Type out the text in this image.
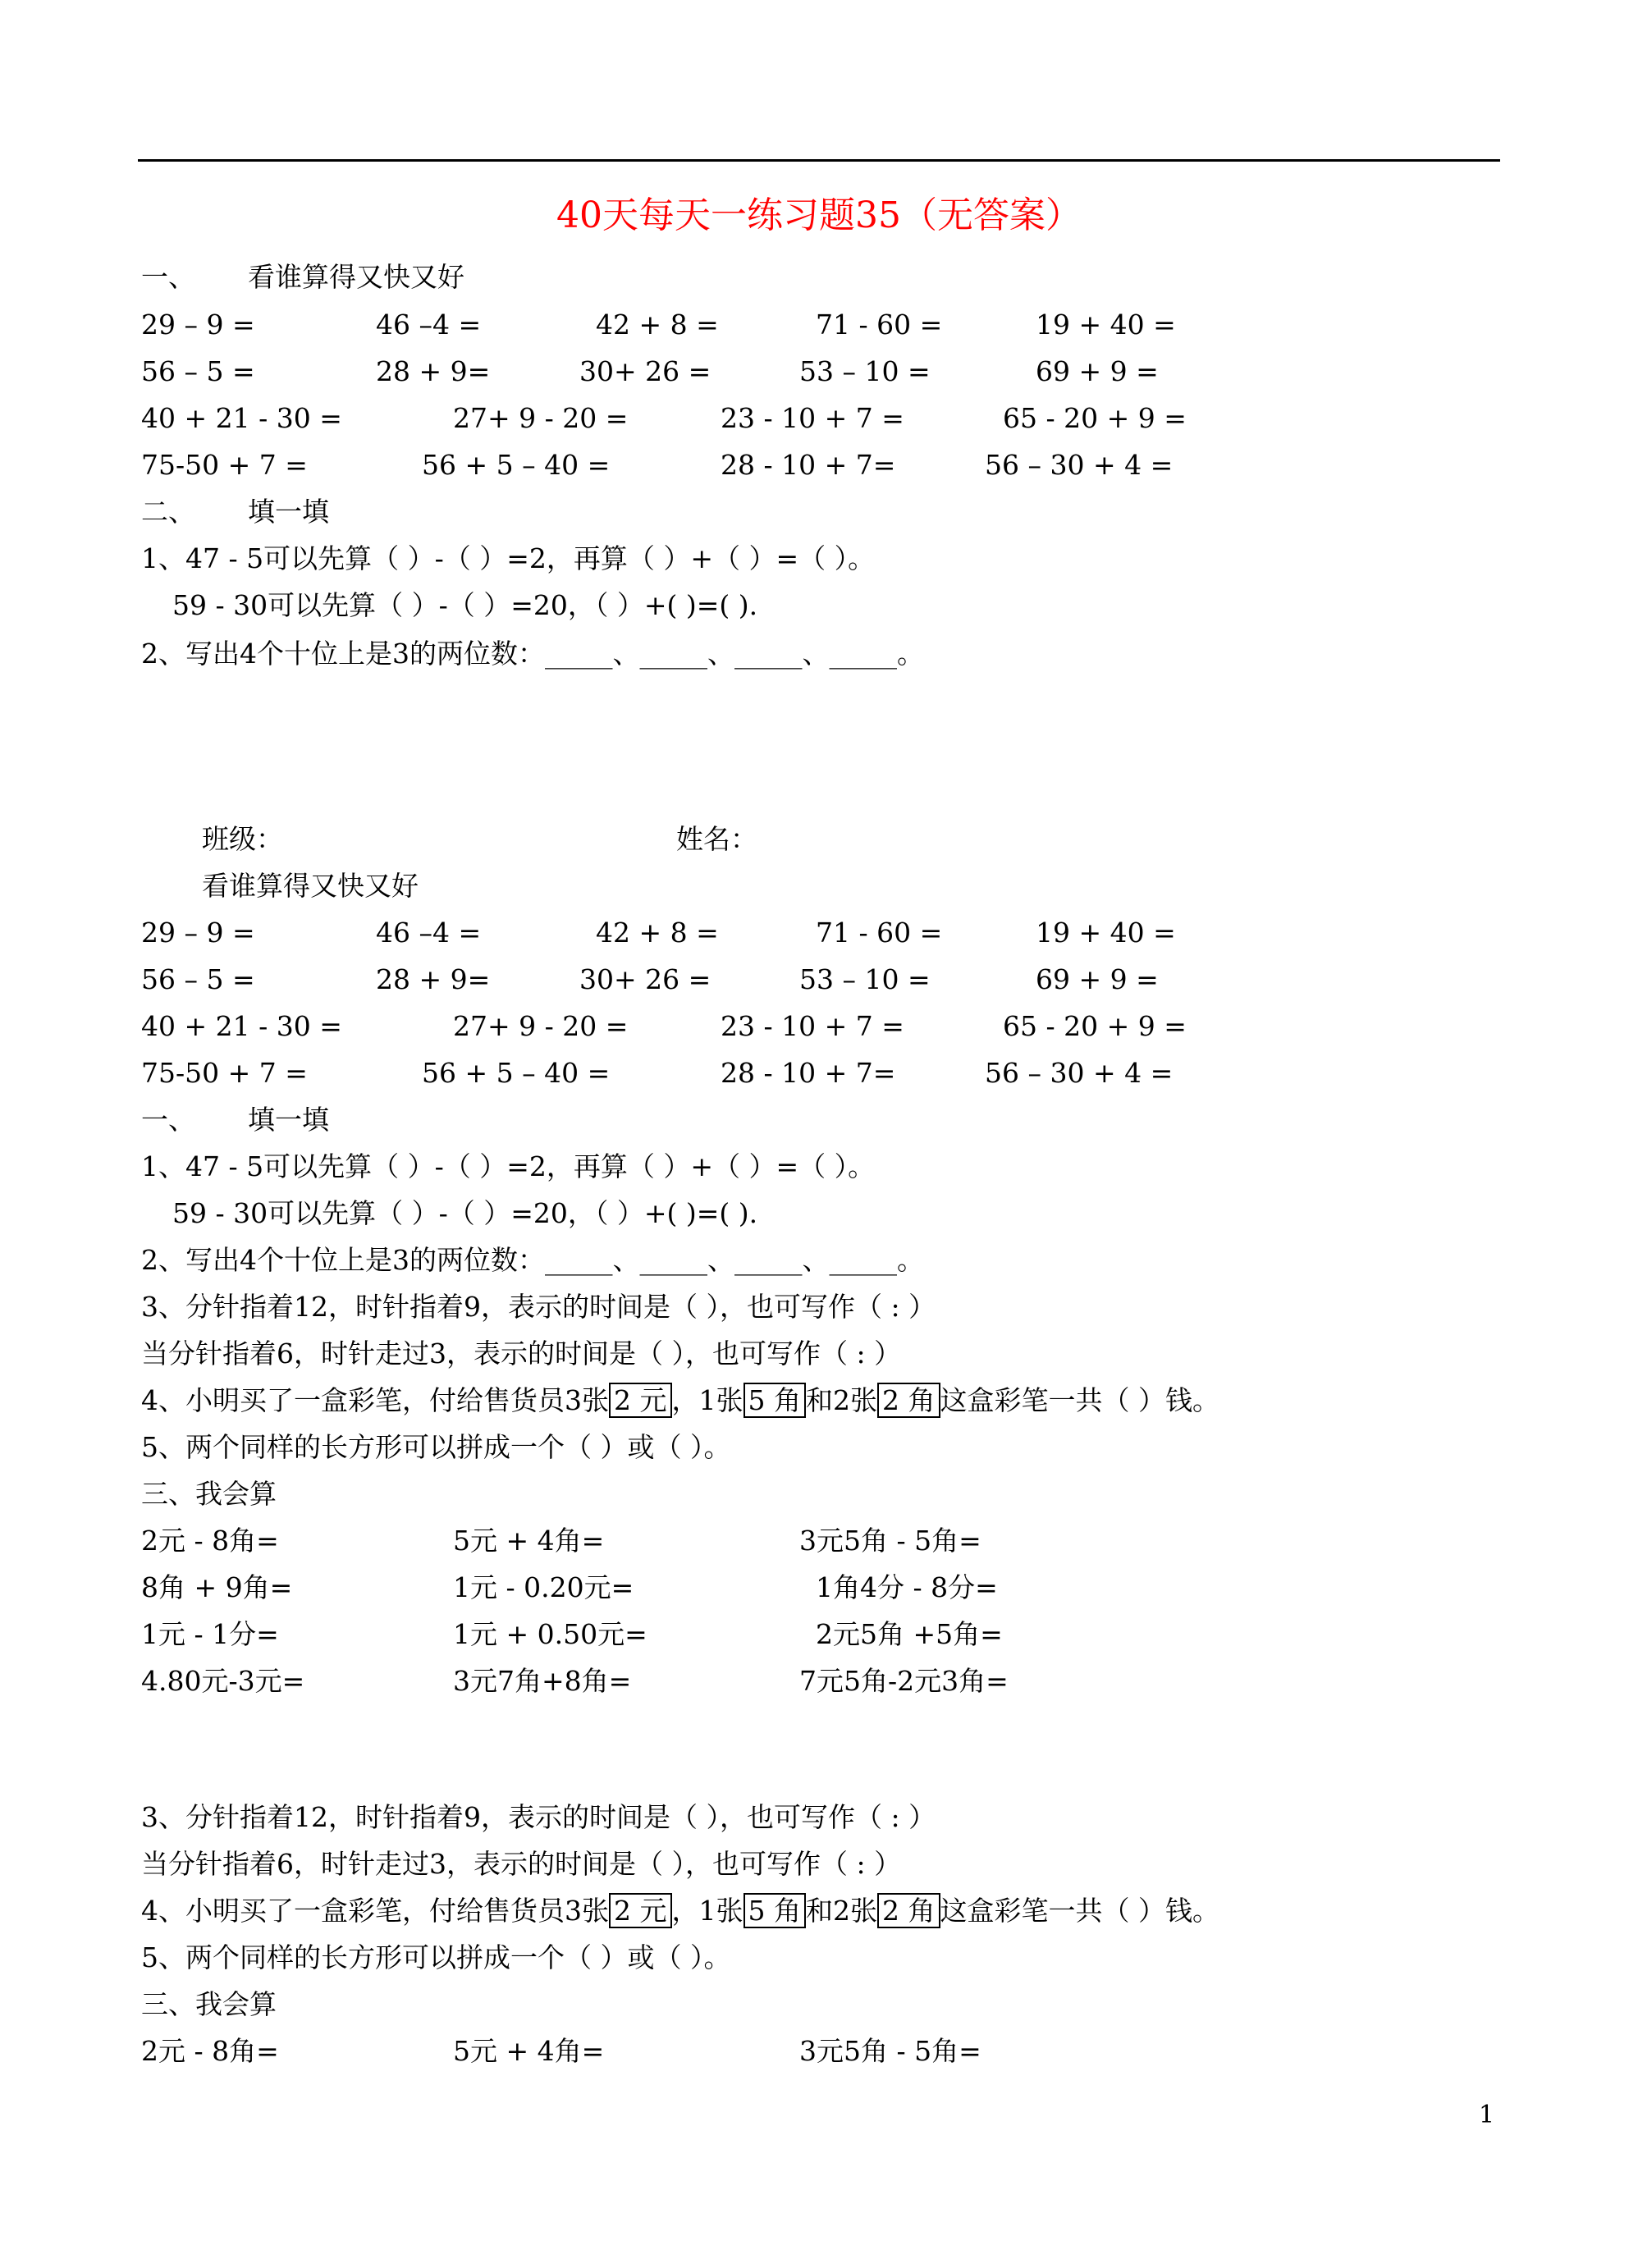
40天每天一练习题35（无答案）
一、 看谁算得又快又好
29 – 9 =	46 –4 =	42 + 8 =	71 - 60 =	19 + 40 =
56 – 5 =	28 + 9=	30+ 26 =	53 – 10 =	69 + 9 =
40 + 21 - 30 =	27+ 9 - 20 =	23 - 10 + 7 =	65 - 20 + 9 =
75-50 + 7 =	56 + 5 – 40 =	28 - 10 + 7=	56 – 30 + 4 =
二、 填一填
1、47 - 5可以先算（ ）-（ ）=2，再算（ ）+（ ）=（ ）。
59 - 30可以先算（ ）-（ ）=20，（ ）+( )=( ).
2、写出4个十位上是3的两位数：_____、_____、_____、_____。
班级：	姓名：
看谁算得又快又好
29 – 9 =	46 –4 =	42 + 8 =	71 - 60 =	19 + 40 =
56 – 5 =	28 + 9=	30+ 26 =	53 – 10 =	69 + 9 =
40 + 21 - 30 =	27+ 9 - 20 =	23 - 10 + 7 =	65 - 20 + 9 =
75-50 + 7 =	56 + 5 – 40 =	28 - 10 + 7=	56 – 30 + 4 =
一、 填一填
1、47 - 5可以先算（ ）-（ ）=2，再算（ ）+（ ）=（ ）。
59 - 30可以先算（ ）-（ ）=20，（ ）+( )=( ).
2、写出4个十位上是3的两位数：_____、_____、_____、_____。
3、分针指着12，时针指着9，表示的时间是（ ），也可写作（ : ）
当分针指着6，时针走过3，表示的时间是（ ），也可写作（ : ）
4、小明买了一盒彩笔，付给售货员3张 2 元 ，1张 5 角 和2张 2 角 这盒彩笔一共（ ）钱。
5、两个同样的长方形可以拼成一个（ ）或（ ）。
三、我会算
2元 - 8角=	5元 + 4角=	3元5角 - 5角=
8角 + 9角=	1元 - 0.20元=	1角4分 - 8分=
1元 - 1分=	1元 + 0.50元=	2元5角 +5角=
4.80元-3元=	3元7角+8角=	7元5角-2元3角=
3、分针指着12，时针指着9，表示的时间是（ ），也可写作（ : ）
当分针指着6，时针走过3，表示的时间是（ ），也可写作（ : ）
4、小明买了一盒彩笔，付给售货员3张 2 元 ，1张 5 角 和2张 2 角 这盒彩笔一共（ ）钱。
5、两个同样的长方形可以拼成一个（ ）或（ ）。
三、我会算
2元 - 8角=	5元 + 4角=	3元5角 - 5角=
1
